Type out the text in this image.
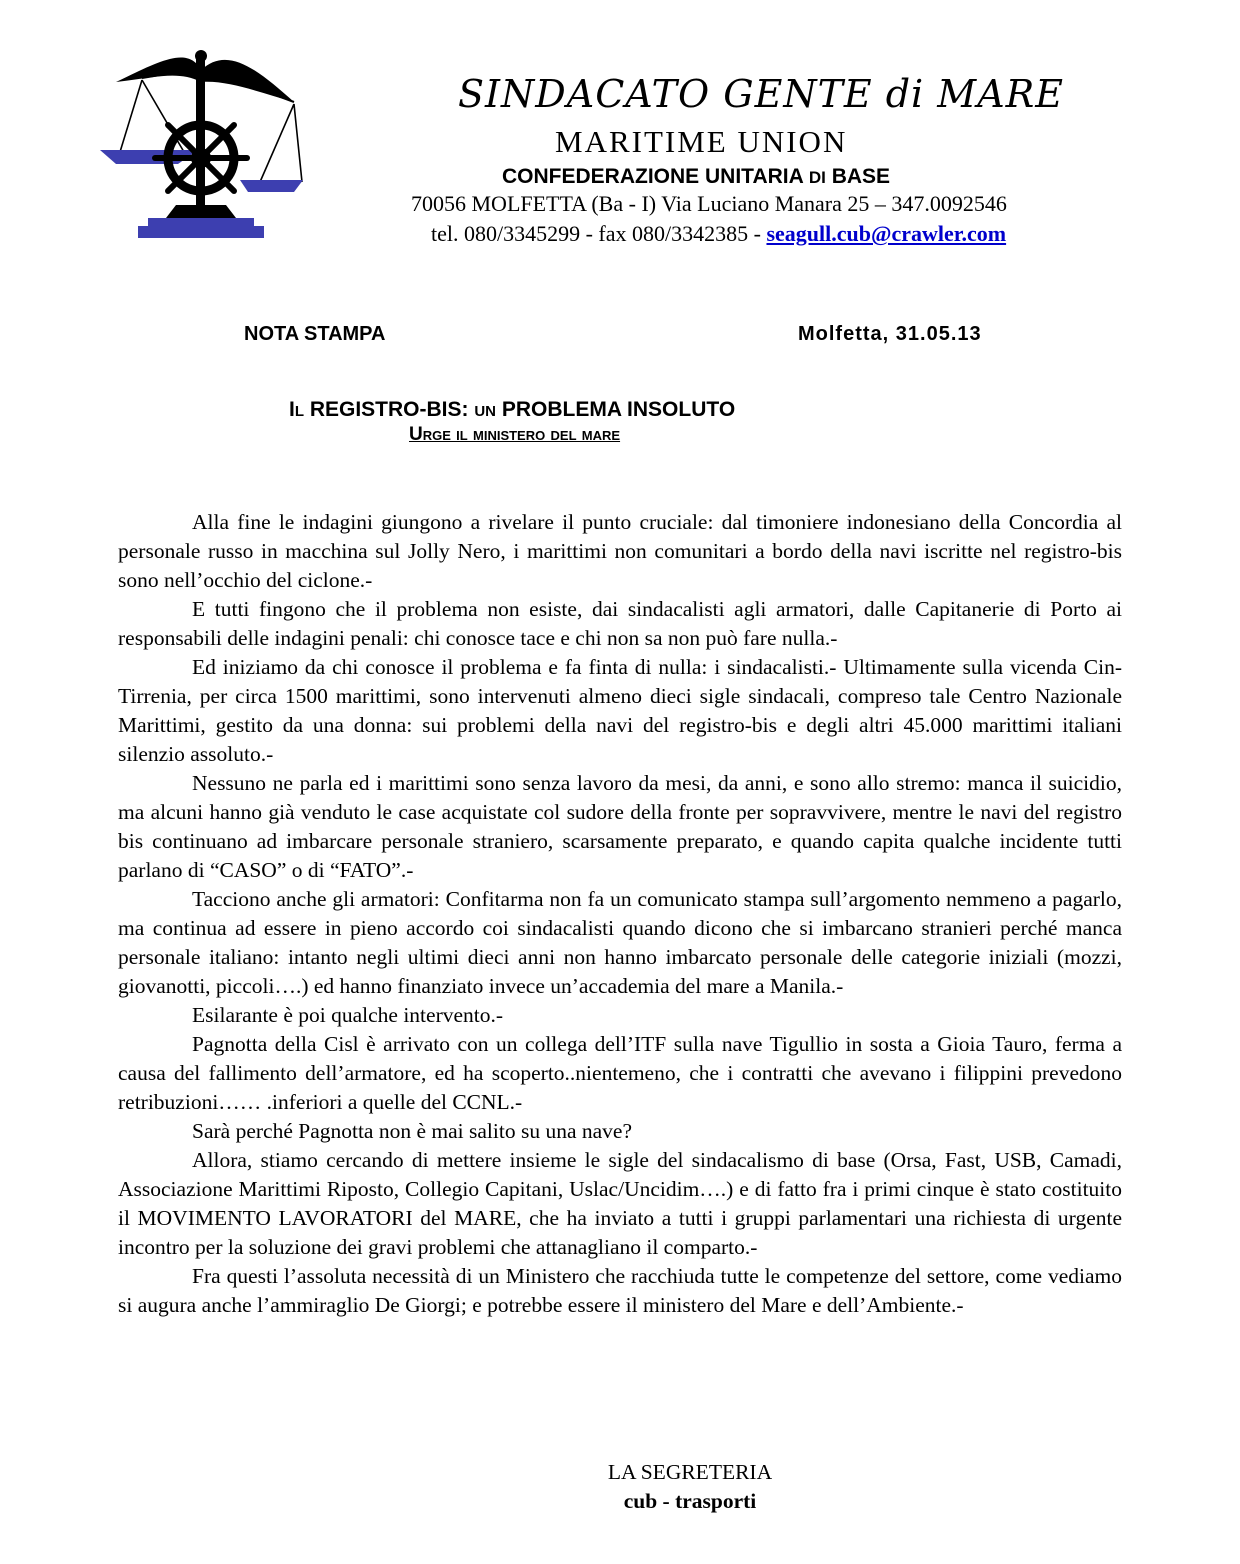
SINDACATO GENTE di MARE
MARITIME UNION
CONFEDERAZIONE UNITARIA DI BASE
70056 MOLFETTA (Ba - I) Via Luciano Manara 25 – 347.0092546
tel. 080/3345299 - fax 080/3342385 - seagull.cub@crawler.com
NOTA STAMPA	Molfetta, 31.05.13
Il REGISTRO-BIS: un PROBLEMA INSOLUTO
Urge il ministero del mare

Alla fine le indagini giungono a rivelare il punto cruciale: dal timoniere indonesiano della Concordia al personale russo in macchina sul Jolly Nero, i marittimi non comunitari a bordo della navi iscritte nel registro-bis sono nell’occhio del ciclone.-

E tutti fingono che il problema non esiste, dai sindacalisti agli armatori, dalle Capitanerie di Porto ai responsabili delle indagini penali: chi conosce tace e chi non sa non può fare nulla.-

Ed iniziamo da chi conosce il problema e fa finta di nulla: i sindacalisti.- Ultimamente sulla vicenda Cin-Tirrenia, per circa 1500 marittimi, sono intervenuti almeno dieci sigle sindacali, compreso tale Centro Nazionale Marittimi, gestito da una donna: sui problemi della navi del registro-bis e degli altri 45.000 marittimi italiani silenzio assoluto.-

Nessuno ne parla ed i marittimi sono senza lavoro da mesi, da anni, e sono allo stremo: manca il suicidio, ma alcuni hanno già venduto le case acquistate col sudore della fronte per sopravvivere, mentre le navi del registro bis continuano ad imbarcare personale straniero, scarsamente preparato, e quando capita qualche incidente tutti parlano di “CASO” o di “FATO”.-

Tacciono anche gli armatori: Confitarma non fa un comunicato stampa sull’argomento nemmeno a pagarlo, ma continua ad essere in pieno accordo coi sindacalisti quando dicono che si imbarcano stranieri perché manca personale italiano: intanto negli ultimi dieci anni non hanno imbarcato personale delle categorie iniziali (mozzi, giovanotti, piccoli….) ed hanno finanziato invece un’accademia del mare a Manila.-

Esilarante è poi qualche intervento.-

Pagnotta della Cisl è arrivato con un collega dell’ITF sulla nave Tigullio in sosta a Gioia Tauro, ferma a causa del fallimento dell’armatore, ed ha scoperto..nientemeno, che i contratti che avevano i filippini prevedono retribuzioni…… .inferiori a quelle del CCNL.-

Sarà perché Pagnotta non è mai salito su una nave?

Allora, stiamo cercando di mettere insieme le sigle del sindacalismo di base (Orsa, Fast, USB, Camadi, Associazione Marittimi Riposto, Collegio Capitani, Uslac/Uncidim….) e di fatto fra i primi cinque è stato costituito il MOVIMENTO LAVORATORI del MARE, che ha inviato a tutti i gruppi parlamentari una richiesta di urgente incontro per la soluzione dei gravi problemi che attanagliano il comparto.-

Fra questi l’assoluta necessità di un Ministero che racchiuda tutte le competenze del settore, come vediamo si augura anche l’ammiraglio De Giorgi; e potrebbe essere il ministero del Mare e dell’Ambiente.-

LA SEGRETERIA
cub - trasporti
